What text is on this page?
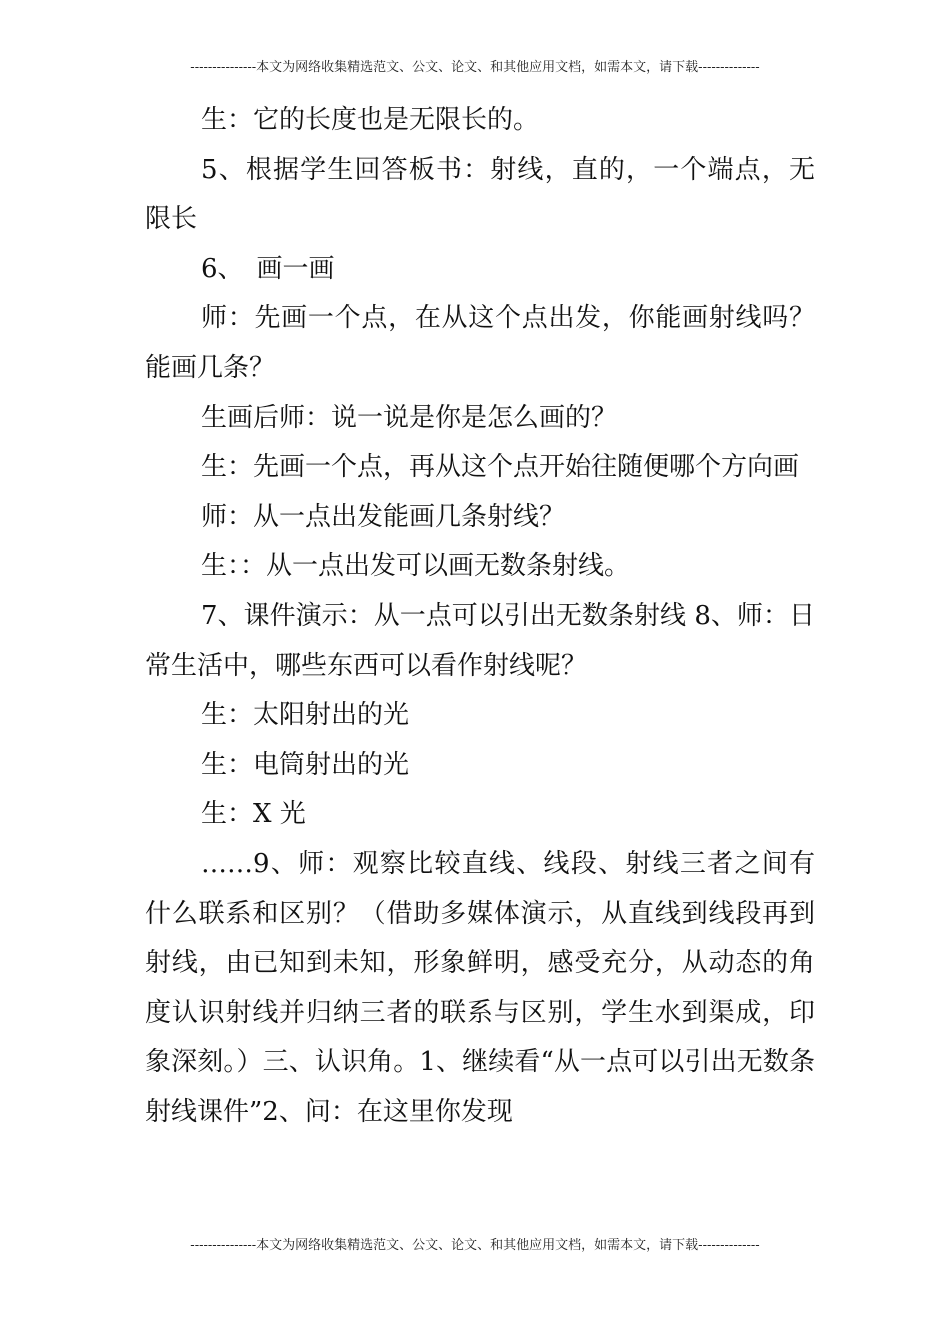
---------------本文为网络收集精选范文、公文、论文、和其他应用文档，如需本文，请下载--------------

生：它的长度也是无限长的。

5、根据学生回答板书：射线，直的，一个端点，无限长

6、　画一画

师：先画一个点，在从这个点出发，你能画射线吗？能画几条？

生画后师：说一说是你是怎么画的？

生：先画一个点，再从这个点开始往随便哪个方向画

师：从一点出发能画几条射线？

生：：从一点出发可以画无数条射线。

7、课件演示：从一点可以引出无数条射线 8、师：日常生活中，哪些东西可以看作射线呢？

生：太阳射出的光

生：电筒射出的光

生：X 光

……9、师：观察比较直线、线段、射线三者之间有什么联系和区别？（借助多媒体演示，从直线到线段再到射线，由已知到未知，形象鲜明，感受充分，从动态的角度认识射线并归纳三者的联系与区别，学生水到渠成，印象深刻。）三、认识角。1、继续看“从一点可以引出无数条射线课件”2、问：在这里你发现

---------------本文为网络收集精选范文、公文、论文、和其他应用文档，如需本文，请下载--------------
